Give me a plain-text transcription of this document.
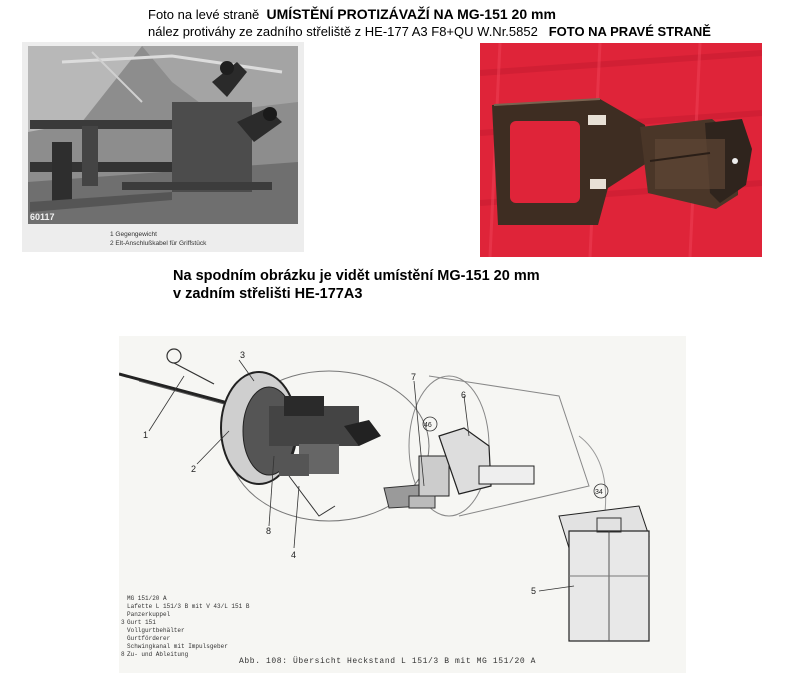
Foto na levé straně UMÍSTĚNÍ PROTIZÁVAŽÍ NA MG-151 20 mm
nález protiváhy ze zadního střeliště z HE-177 A3 F8+QU W.Nr.5852 FOTO NA PRAVÉ STRANĚ
Na spodním obrázku je vidět umístění MG-151 20 mm
v zadním střelišti HE-177A3
60117
1 Gegengewicht
2 Elt-Anschlußkabel für Griffstück
1
2
3
4
5
6
7
8
46
34
MG 151/20 A
Lafette L 151/3 B mit V 43/L 151 B
Panzerkuppel
3 Gurt 151
Vollgurtbehälter
Gurtförderer
Schwingkanal mit Impulsgeber
8 Zu- und Ableitung
Abb. 108: Übersicht Heckstand L 151/3 B mit MG 151/20 A
